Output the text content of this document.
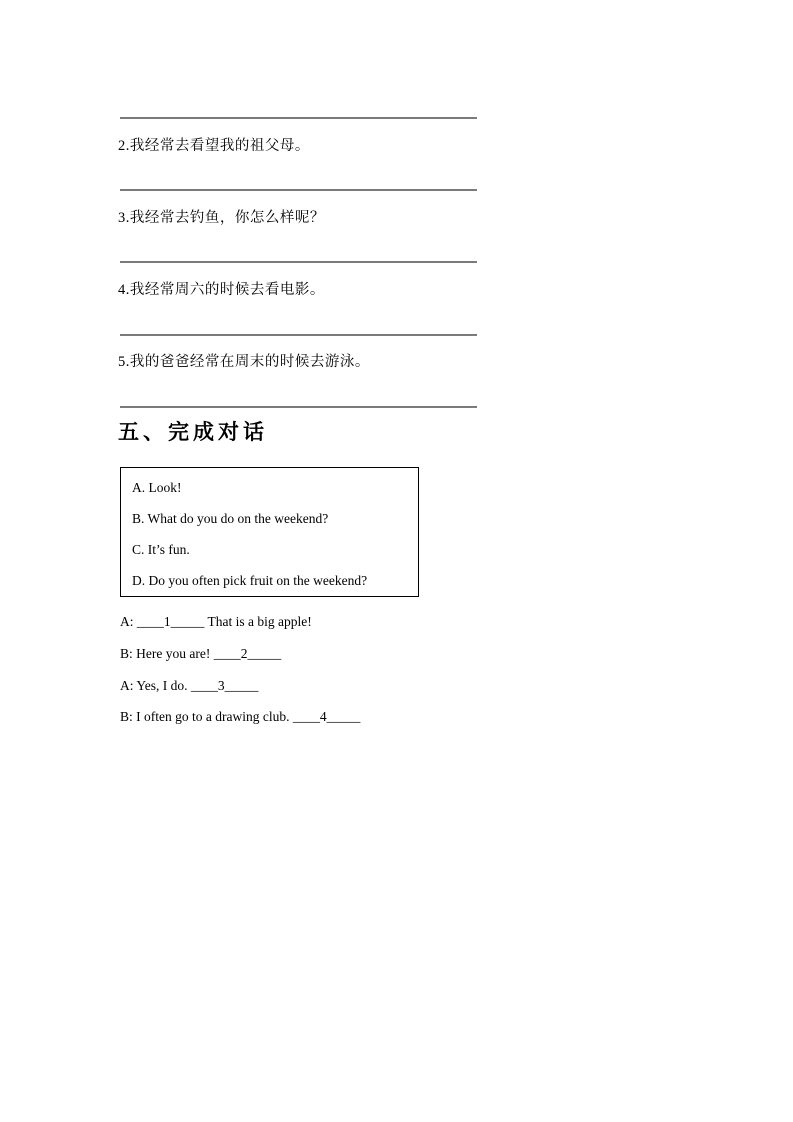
2.我经常去看望我的祖父母。
3.我经常去钓鱼，你怎么样呢？
4.我经常周六的时候去看电影。
5.我的爸爸经常在周末的时候去游泳。
五、完成对话
A. Look!
B. What do you do on the weekend?
C. It’s fun.
D. Do you often pick fruit on the weekend?
A: ____1_____ That is a big apple!
B: Here you are! ____2_____
A: Yes, I do. ____3_____
B: I often go to a drawing club. ____4_____
